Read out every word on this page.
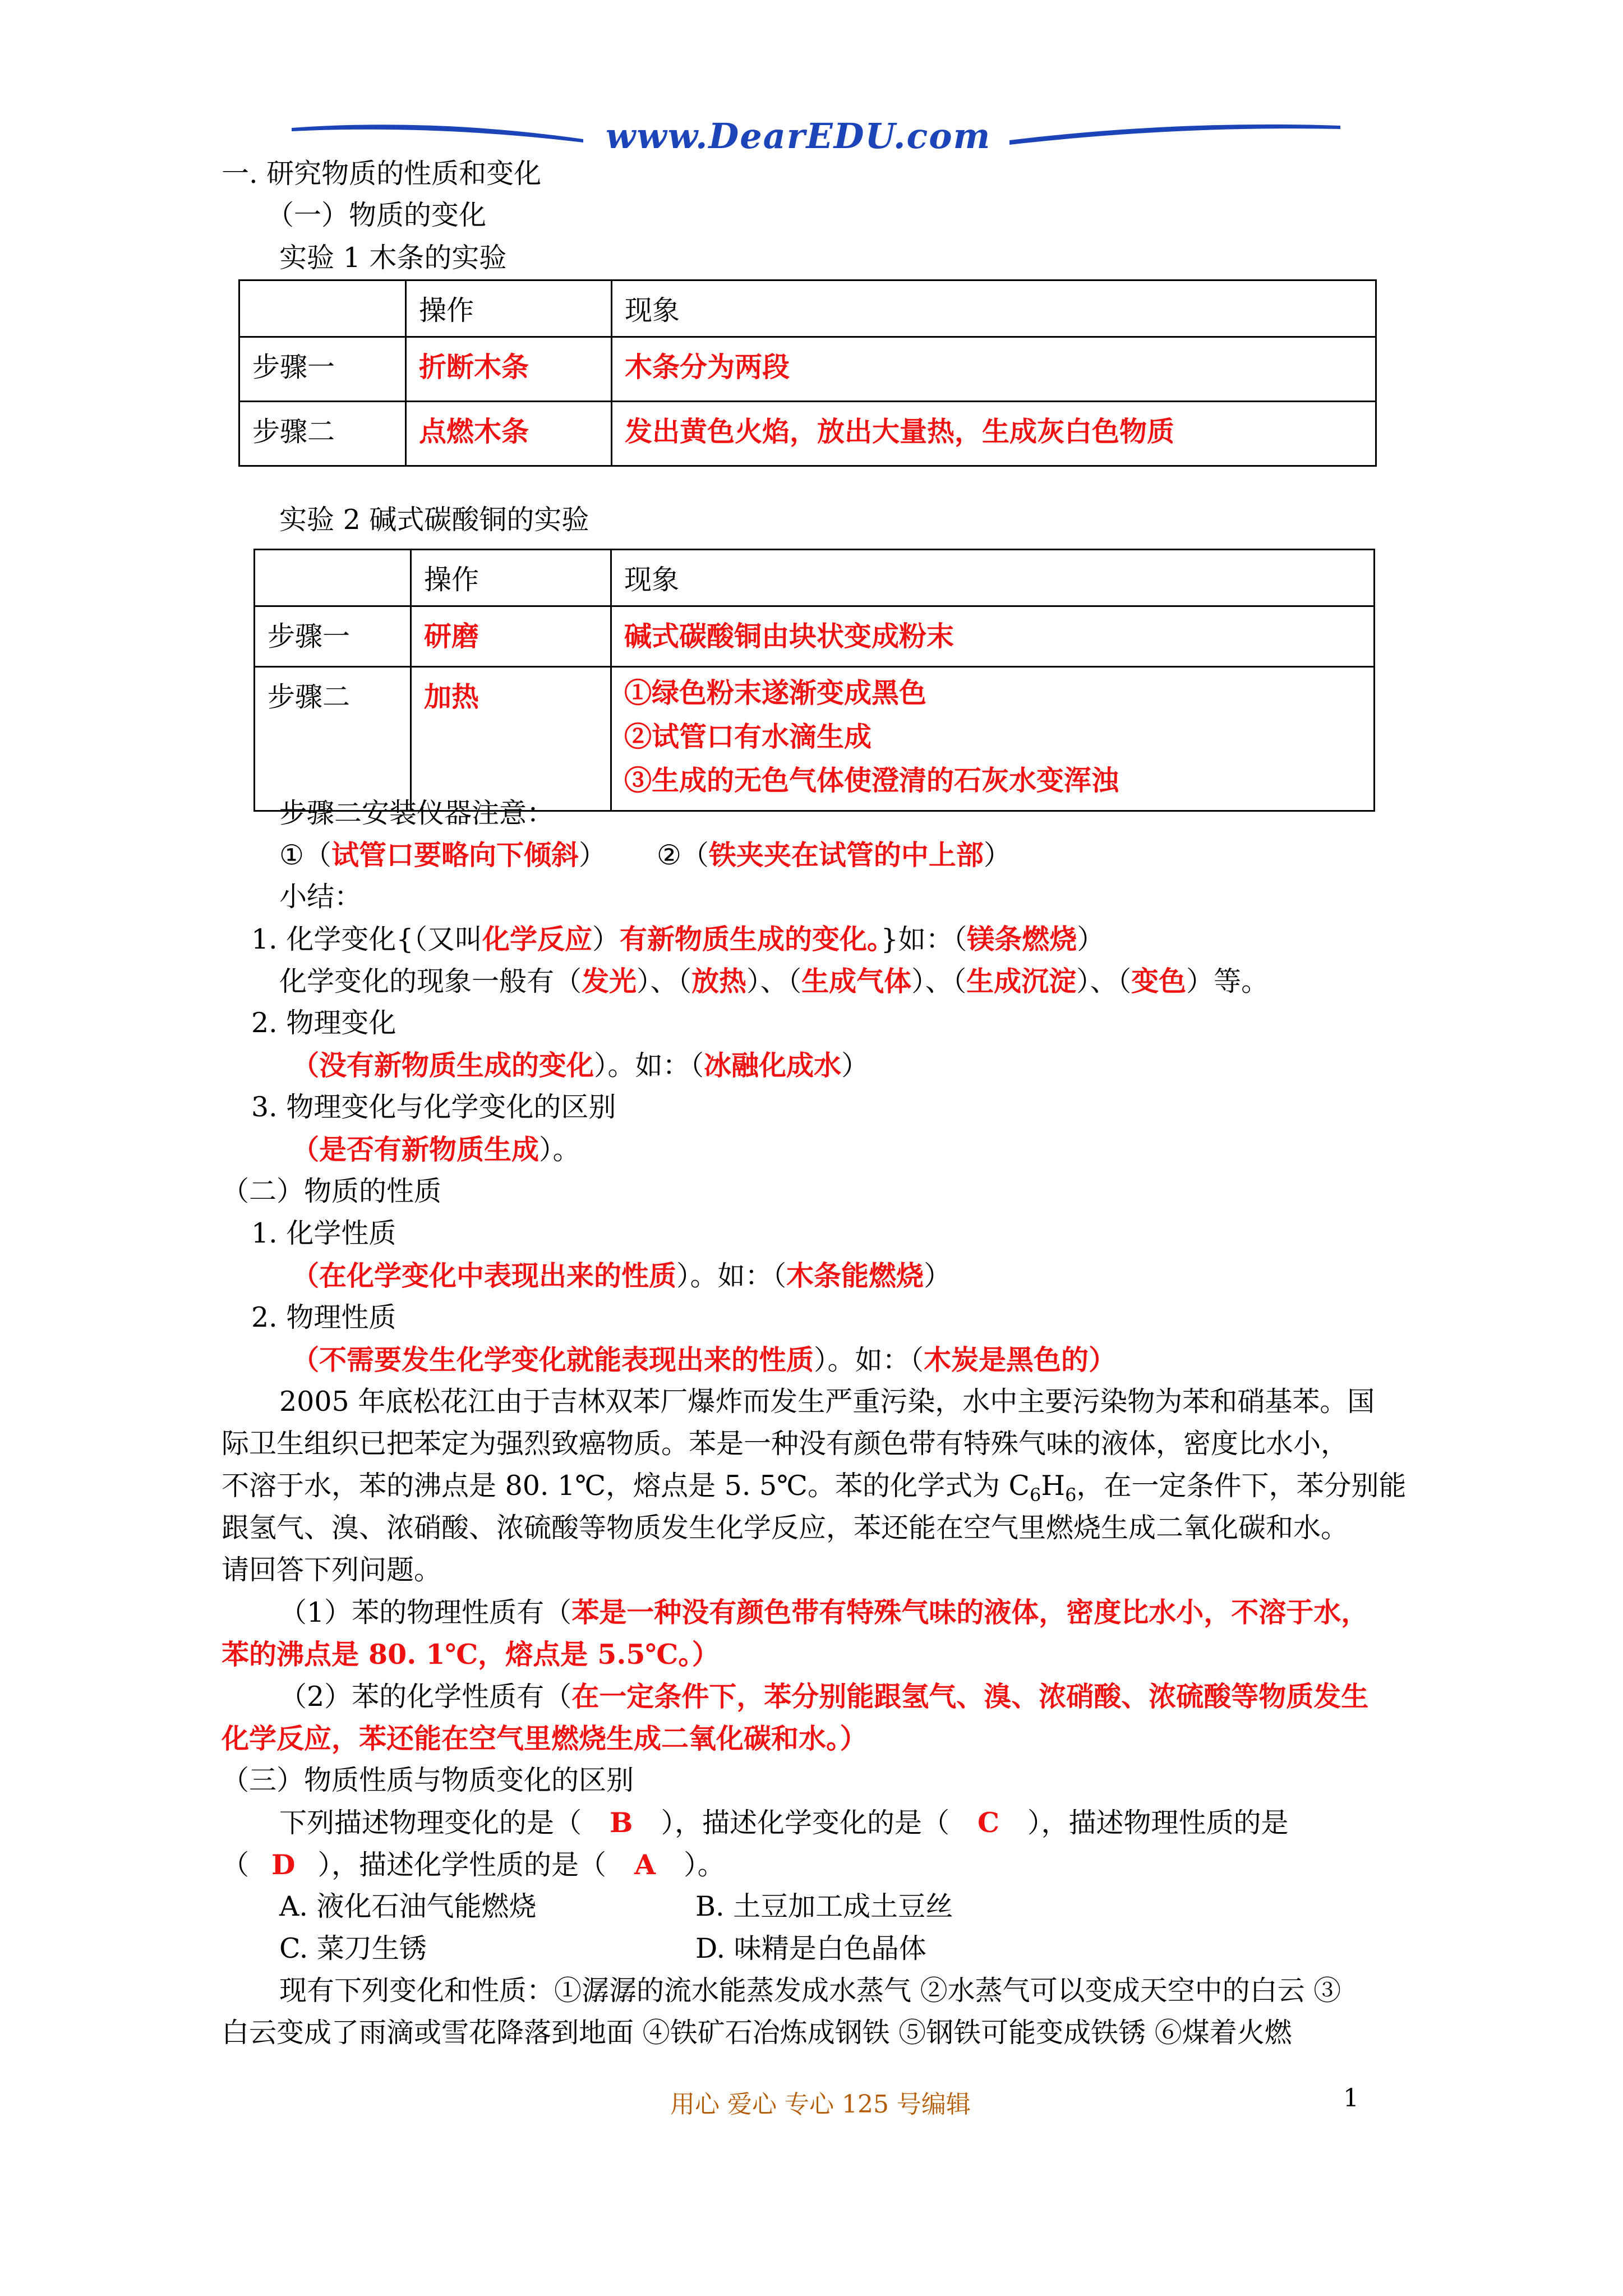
www.DearEDU.com
一. 研究物质的性质和变化
（一）物质的变化
实验 1 木条的实验
	操作	现象
步骤一	折断木条	木条分为两段
步骤二	点燃木条	发出黄色火焰，放出大量热，生成灰白色物质
实验 2 碱式碳酸铜的实验
	操作	现象
步骤一	研磨	碱式碳酸铜由块状变成粉末
步骤二	加热	①绿色粉末遂渐变成黑色
②试管口有水滴生成
③生成的无色气体使澄清的石灰水变浑浊
步骤二安装仪器注意：
①（试管口要略向下倾斜） ②（铁夹夹在试管的中上部）
小结：
1. 化学变化{（又叫化学反应）有新物质生成的变化。}如：（镁条燃烧）
化学变化的现象一般有（发光）、（放热）、（生成气体）、（生成沉淀）、（变色）等。
2. 物理变化
（没有新物质生成的变化）。如：（冰融化成水）
3. 物理变化与化学变化的区别
（是否有新物质生成）。
（二）物质的性质
1. 化学性质
（在化学变化中表现出来的性质）。如：（木条能燃烧）
2. 物理性质
（不需要发生化学变化就能表现出来的性质）。如：（木炭是黑色的）
2005 年底松花江由于吉林双苯厂爆炸而发生严重污染，水中主要污染物为苯和硝基苯。国
际卫生组织已把苯定为强烈致癌物质。苯是一种没有颜色带有特殊气味的液体，密度比水小，
不溶于水，苯的沸点是 80. 1℃，熔点是 5. 5℃。苯的化学式为 $C_6H_6$，在一定条件下，苯分别能
跟氢气、溴、浓硝酸、浓硫酸等物质发生化学反应，苯还能在空气里燃烧生成二氧化碳和水。
请回答下列问题。
（1）苯的物理性质有（苯是一种没有颜色带有特殊气味的液体，密度比水小，不溶于水，
苯的沸点是 80. 1℃，熔点是 5.5℃。）
（2）苯的化学性质有（在一定条件下，苯分别能跟氢气、溴、浓硝酸、浓硫酸等物质发生
化学反应，苯还能在空气里燃烧生成二氧化碳和水。）
（三）物质性质与物质变化的区别
下列描述物理变化的是（ B ），描述化学变化的是（ C ），描述物理性质的是
（ D ），描述化学性质的是（ A ）。
A. 液化石油气能燃烧	B. 土豆加工成土豆丝
C. 菜刀生锈	D. 味精是白色晶体
现有下列变化和性质：①潺潺的流水能蒸发成水蒸气 ②水蒸气可以变成天空中的白云 ③
白云变成了雨滴或雪花降落到地面 ④铁矿石冶炼成钢铁 ⑤钢铁可能变成铁锈 ⑥煤着火燃
用心 爱心 专心 125 号编辑	1
